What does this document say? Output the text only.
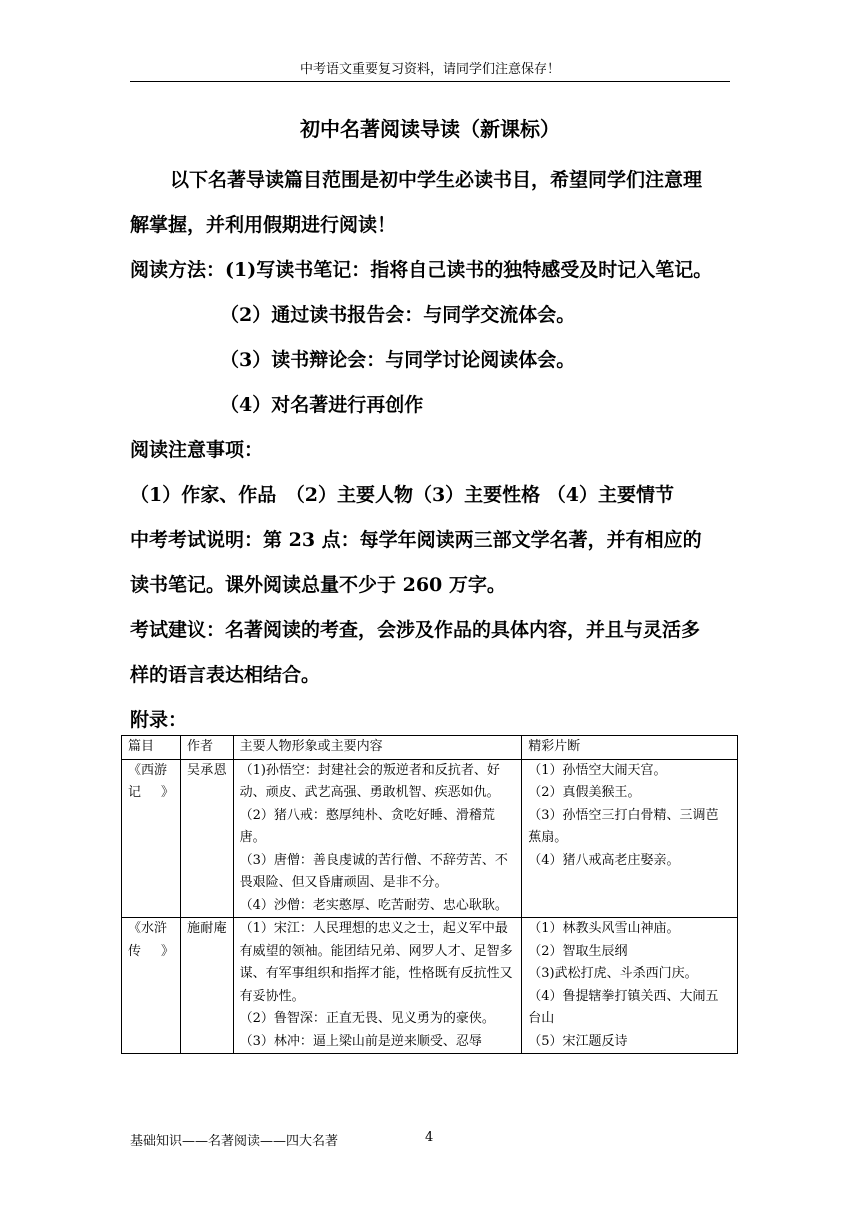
中考语文重要复习资料，请同学们注意保存！
初中名著阅读导读（新课标）

以下名著导读篇目范围是初中学生必读书目，希望同学们注意理

解掌握，并利用假期进行阅读！

阅读方法：(1)写读书笔记：指将自己读书的独特感受及时记入笔记。

（2）通过读书报告会：与同学交流体会。

（3）读书辩论会：与同学讨论阅读体会。

（4）对名著进行再创作

阅读注意事项：

（1）作家、作品　（2）主要人物（3）主要性格 （4）主要情节

中考考试说明：第 23 点：每学年阅读两三部文学名著，并有相应的

读书笔记。课外阅读总量不少于 260 万字。

考试建议：名著阅读的考查，会涉及作品的具体内容，并且与灵活多

样的语言表达相结合。

附录：

篇目	作者	主要人物形象或主要内容	精彩片断
《西游记》	吴承恩	（1)孙悟空：封建社会的叛逆者和反抗者、好动、顽皮、武艺高强、勇敢机智、疾恶如仇。
（2）猪八戒：憨厚纯朴、贪吃好睡、滑稽荒唐。
（3）唐僧：善良虔诚的苦行僧、不辞劳苦、不畏艰险、但又昏庸顽固、是非不分。
（4）沙僧：老实憨厚、吃苦耐劳、忠心耿耿。	（1）孙悟空大闹天宫。
（2）真假美猴王。
（3）孙悟空三打白骨精、三调芭蕉扇。
（4）猪八戒高老庄娶亲。

《水浒传》	施耐庵	（1）宋江：人民理想的忠义之士，起义军中最有威望的领袖。能团结兄弟、网罗人才、足智多谋、有军事组织和指挥才能，性格既有反抗性又有妥协性。
（2）鲁智深：正直无畏、见义勇为的豪侠。
（3）林冲：逼上梁山前是逆来顺受、忍辱	（1）林教头风雪山神庙。
（2）智取生辰纲
（3)武松打虎、斗杀西门庆。
（4）鲁提辖拳打镇关西、大闹五台山
（5）宋江题反诗
基础知识——名著阅读——四大名著	4
